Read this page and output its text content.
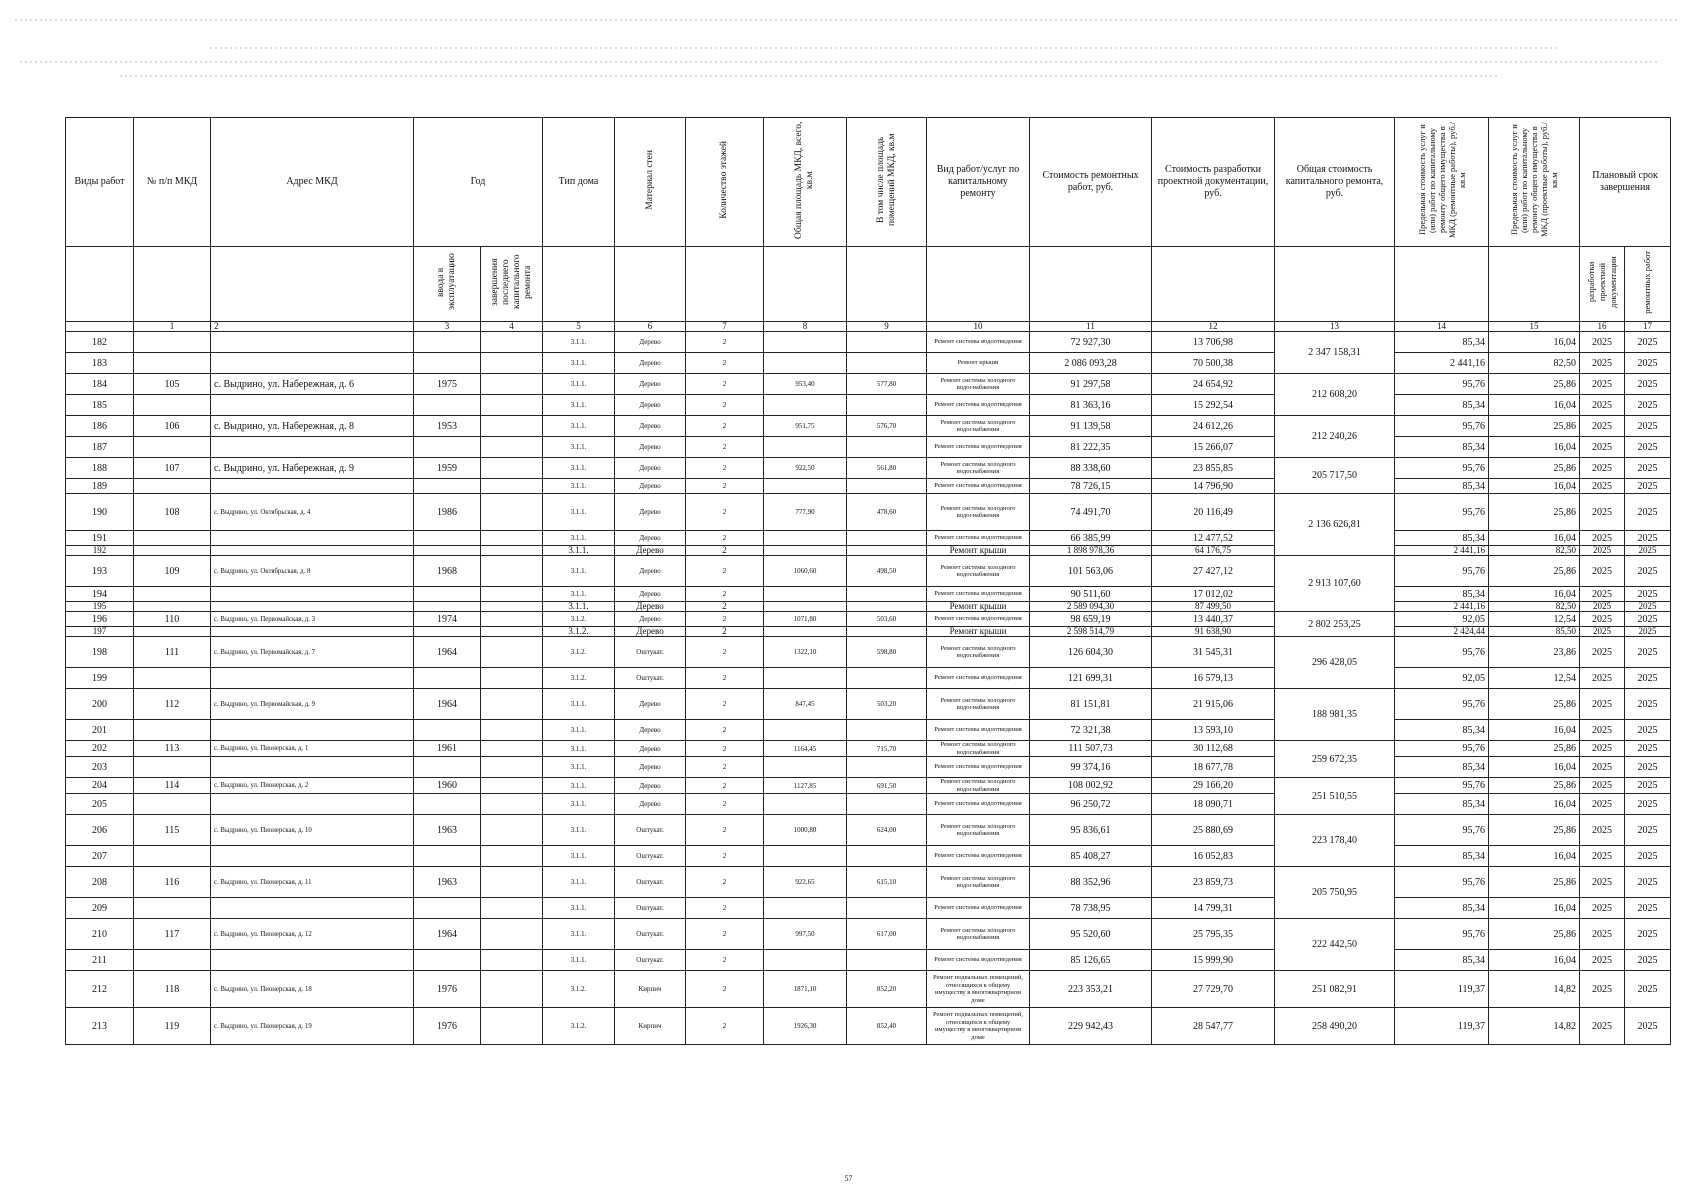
Виды работ	№ п/п МКД	Адрес МКД	Год		Тип дома	Материал стен	Количество этажей	Общая площадь МКД, всего, кв.м	В том числе площадь помещений МКД, кв.м	Вид работ/услуг по капитальному ремонту	Стоимость ремонтных работ, руб.	Стоимость разработки проектной документации, руб.	Общая стоимость капитального ремонта, руб.	Предельная стоимость услуг и (или) работ по капитальному ремонту общего имущества в МКД (ремонтные работы), руб./кв.м	Предельная стоимость услуг и (или) работ по капитальному ремонту общего имущества в МКД (проектные работы), руб./кв.м	Плановый срок завершения	
			ввода в эксплуатацию	завершения последнего капитального ремонта												разработки проектной документации	ремонтных работ
	1	2	3	4	5	6	7	8	9	10	11	12	13	14	15	16	17
182					3.1.1.	Дерево	2			Ремонт системы водоотведения	72 927,30	13 706,98	2 347 158,31	85,34	16,04	2025	2025
183					3.1.1.	Дерево	2			Ремонт крыши	2 086 093,28	70 500,38		2 441,16	82,50	2025	2025
184	105	с. Выдрино, ул. Набережная, д. 6	1975		3.1.1.	Дерево	2	953,40	577,80	Ремонт системы холодного водоснабжения	91 297,58	24 654,92	212 608,20	95,76	25,86	2025	2025
185					3.1.1.	Дерево	2			Ремонт системы водоотведения	81 363,16	15 292,54		85,34	16,04	2025	2025
186	106	с. Выдрино, ул. Набережная, д. 8	1953		3.1.1.	Дерево	2	951,75	576,70	Ремонт системы холодного водоснабжения	91 139,58	24 612,26	212 240,26	95,76	25,86	2025	2025
187					3.1.1.	Дерево	2			Ремонт системы водоотведения	81 222,35	15 266,07		85,34	16,04	2025	2025
188	107	с. Выдрино, ул. Набережная, д. 9	1959		3.1.1.	Дерево	2	922,50	561,80	Ремонт системы холодного водоснабжения	88 338,60	23 855,85	205 717,50	95,76	25,86	2025	2025
189					3.1.1.	Дерево	2			Ремонт системы водоотведения	78 726,15	14 796,90		85,34	16,04	2025	2025
190	108	с. Выдрино, ул. Октябрьская, д. 4	1986		3.1.1.	Дерево	2	777,90	478,60	Ремонт системы холодного водоснабжения	74 491,70	20 116,49	2 136 626,81	95,76	25,86	2025	2025
191					3.1.1.	Дерево	2			Ремонт системы водоотведения	66 385,99	12 477,52		85,34	16,04	2025	2025
192					3.1.1.	Дерево	2			Ремонт крыши	1 898 978,36	64 176,75		2 441,16	82,50	2025	2025
193	109	с. Выдрино, ул. Октябрьская, д. 8	1968		3.1.1.	Дерево	2	1060,60	498,50	Ремонт системы холодного водоснабжения	101 563,06	27 427,12	2 913 107,60	95,76	25,86	2025	2025
194					3.1.1.	Дерево	2			Ремонт системы водоотведения	90 511,60	17 012,02		85,34	16,04	2025	2025
195					3.1.1.	Дерево	2			Ремонт крыши	2 589 094,30	87 499,50		2 441,16	82,50	2025	2025
196	110	с. Выдрино, ул. Первомайская, д. 3	1974		3.1.2.	Дерево	2	1071,80	503,60	Ремонт системы водоотведения	98 659,19	13 440,37	2 802 253,25	92,05	12,54	2025	2025
197					3.1.2.	Дерево	2			Ремонт крыши	2 598 514,79	91 638,90		2 424,44	85,50	2025	2025
198	111	с. Выдрино, ул. Первомайская, д. 7	1964		3.1.2.	Оштукат.	2	1322,10	598,80	Ремонт системы холодного водоснабжения	126 604,30	31 545,31	296 428,05	95,76	23,86	2025	2025
199					3.1.2.	Оштукат.	2			Ремонт системы водоотведения	121 699,31	16 579,13		92,05	12,54	2025	2025
200	112	с. Выдрино, ул. Первомайская, д. 9	1964		3.1.1.	Дерево	2	847,45	503,20	Ремонт системы холодного водоснабжения	81 151,81	21 915,06	188 981,35	95,76	25,86	2025	2025
201					3.1.1.	Дерево	2			Ремонт системы водоотведения	72 321,38	13 593,10		85,34	16,04	2025	2025
202	113	с. Выдрино, ул. Пионерская, д. 1	1961		3.1.1.	Дерево	2	1164,45	715,70	Ремонт системы холодного водоснабжения	111 507,73	30 112,68	259 672,35	95,76	25,86	2025	2025
203					3.1.1.	Дерево	2			Ремонт системы водоотведения	99 374,16	18 677,78		85,34	16,04	2025	2025
204	114	с. Выдрино, ул. Пионерская, д. 2	1960		3.1.1.	Дерево	2	1127,85	691,50	Ремонт системы холодного водоснабжения	108 002,92	29 166,20	251 510,55	95,76	25,86	2025	2025
205					3.1.1.	Дерево	2			Ремонт системы водоотведения	96 250,72	18 090,71		85,34	16,04	2025	2025
206	115	с. Выдрино, ул. Пионерская, д. 10	1963		3.1.1.	Оштукат.	2	1000,80	624,00	Ремонт системы холодного водоснабжения	95 836,61	25 880,69	223 178,40	95,76	25,86	2025	2025
207					3.1.1.	Оштукат.	2			Ремонт системы водоотведения	85 408,27	16 052,83		85,34	16,04	2025	2025
208	116	с. Выдрино, ул. Пионерская, д. 11	1963		3.1.1.	Оштукат.	2	922,65	615,10	Ремонт системы холодного водоснабжения	88 352,96	23 859,73	205 750,95	95,76	25,86	2025	2025
209					3.1.1.	Оштукат.	2			Ремонт системы водоотведения	78 738,95	14 799,31		85,34	16,04	2025	2025
210	117	с. Выдрино, ул. Пионерская, д. 12	1964		3.1.1.	Оштукат.	2	997,50	617,00	Ремонт системы холодного водоснабжения	95 520,60	25 795,35	222 442,50	95,76	25,86	2025	2025
211					3.1.1.	Оштукат.	2			Ремонт системы водоотведения	85 126,65	15 999,90		85,34	16,04	2025	2025
212	118	с. Выдрино, ул. Пионерская, д. 18	1976		3.1.2.	Кирпич	2	1871,10	852,20	Ремонт подвальных помещений, относящихся к общему имуществу в многоквартирном доме	223 353,21	27 729,70	251 082,91	119,37	14,82	2025	2025
213	119	с. Выдрино, ул. Пионерская, д. 19	1976		3.1.2.	Кирпич	2	1926,30	852,40	Ремонт подвальных помещений, относящихся к общему имуществу в многоквартирном доме	229 942,43	28 547,77	258 490,20	119,37	14,82	2025	2025
57
